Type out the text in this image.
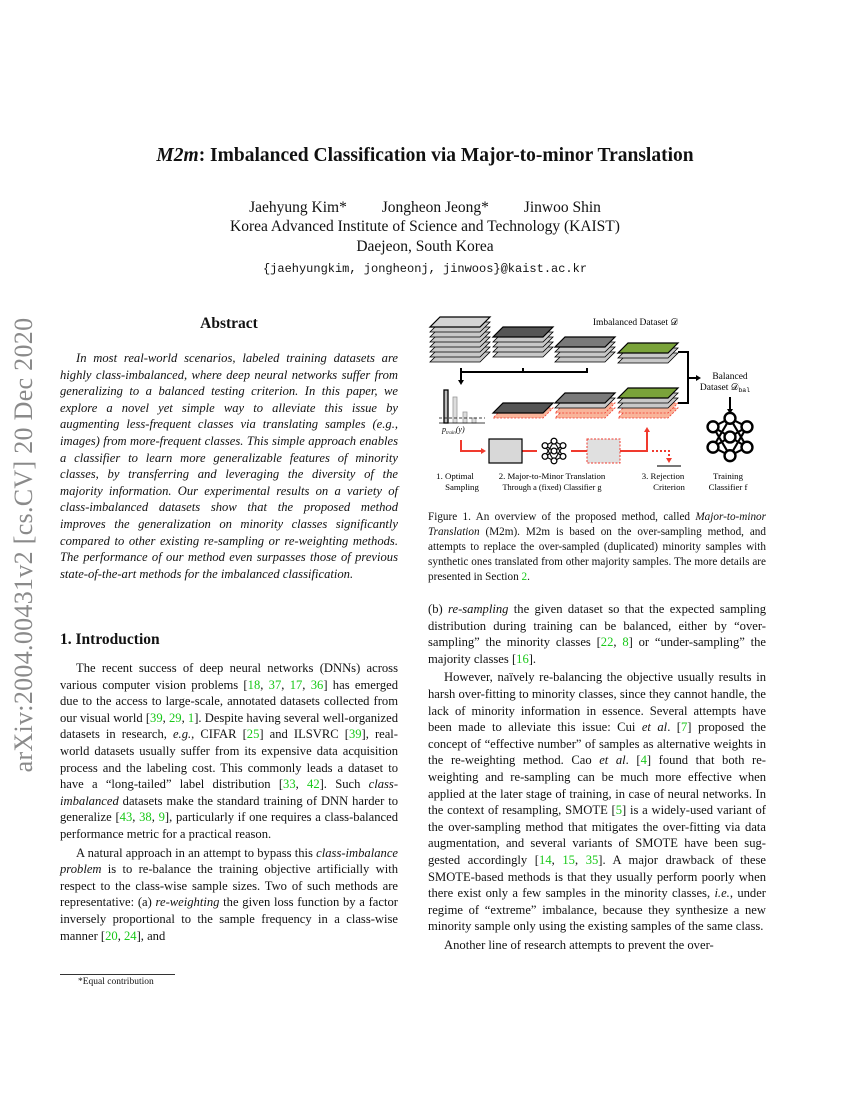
arXiv:2004.00431v2 [cs.CV] 20 Dec 2020
M2m: Imbalanced Classification via Major-to-minor Translation
Jaehyung Kim* Jongheon Jeong* Jinwoo Shin
Korea Advanced Institute of Science and Technology (KAIST)
Daejeon, South Korea
{jaehyungkim, jongheonj, jinwoos}@kaist.ac.kr
Abstract
In most real-world scenarios, labeled training datasets are highly class-imbalanced, where deep neural networks suffer from generalizing to a balanced testing criterion. In this paper, we explore a novel yet simple way to alleviate this issue by augmenting less-frequent classes via translating samples (e.g., images) from more-frequent classes. This simple approach enables a classifier to learn more generalizable features of minority classes, by transferring and leveraging the diversity of the majority information. Our experimental results on a variety of class-imbalanced datasets show that the proposed method improves the generalization on minority classes significantly compared to other existing re-sampling or re-weighting methods. The performance of our method even surpasses those of previous state-of-the-art methods for the imbalanced classification.
1. Introduction
The recent success of deep neural networks (DNNs) across various computer vision problems [18, 37, 17, 36] has emerged due to the access to large-scale, annotated datasets collected from our visual world [39, 29, 1]. Despite having several well-organized datasets in research, e.g., CIFAR [25] and ILSVRC [39], real-world datasets usually suffer from its expensive data acquisition process and the labeling cost. This commonly leads a dataset to have a “long-tailed” label distribution [33, 42]. Such class-imbalanced datasets make the standard training of DNN harder to generalize [43, 38, 9], particularly if one requires a class-balanced performance metric for a practical reason.
A natural approach in an attempt to bypass this class-imbalance problem is to re-balance the training objective artificially with respect to the class-wise sample sizes. Two of such methods are representative: (a) re-weighting the given loss function by a factor inversely proportional to the sample frequency in a class-wise manner [20, 24], and
*Equal contribution
$p_{train}(y)$
Imbalanced Dataset 𝒟
Balanced
Dataset 𝒟$_{bal}$
1. Optimal
Sampling
2. Major-to-Minor Translation
Through a (fixed) Classifier g
3. Rejection
Criterion
Training
Classifier f
Figure 1. An overview of the proposed method, called Major-to-minor Translation (M2m). M2m is based on the over-sampling method, and attempts to replace the over-sampled (duplicated) minority samples with synthetic ones translated from other majority samples. The more details are presented in Section 2.
(b) re-sampling the given dataset so that the expected sampling distribution during training can be balanced, either by “over-sampling” the minority classes [22, 8] or “under-sampling” the majority classes [16].
However, naïvely re-balancing the objective usually results in harsh over-fitting to minority classes, since they cannot handle, the lack of minority information in essence. Several attempts have been made to alleviate this issue: Cui et al. [7] proposed the concept of “effective number” of samples as alternative weights in the re-weighting method. Cao et al. [4] found that both re-weighting and re-sampling can be much more effective when applied at the later stage of training, in case of neural networks. In the context of resampling, SMOTE [5] is a widely-used variant of the over-sampling method that mitigates the over-fitting via data augmentation, and several variants of SMOTE have been suggested accordingly [14, 15, 35]. A major drawback of these SMOTE-based methods is that they usually perform poorly when there exist only a few samples in the minority classes, i.e., under regime of “extreme” imbalance, because they synthesize a new minority sample only using the existing samples of the same class.
Another line of research attempts to prevent the over-
